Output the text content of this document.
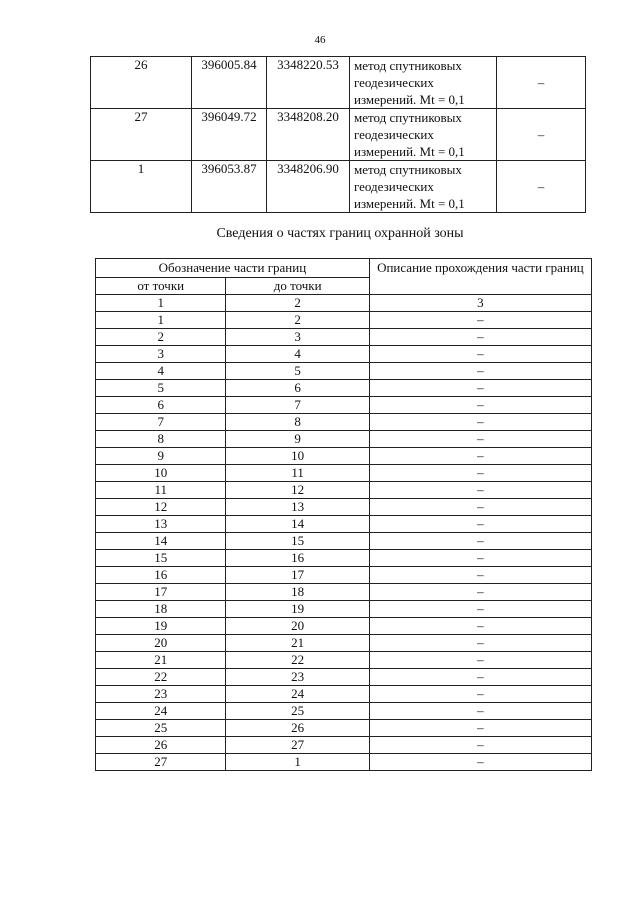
46
26	396005.84	3348220.53	метод спутниковых
геодезических
измерений. Mt = 0,1	–
27	396049.72	3348208.20	метод спутниковых
геодезических
измерений. Mt = 0,1	–
1	396053.87	3348206.90	метод спутниковых
геодезических
измерений. Mt = 0,1	–
Сведения о частях границ охранной зоны
Обозначение части границ		Описание прохождения части границ
от точки	до точки	
1	2	3
1	2	–
2	3	–
3	4	–
4	5	–
5	6	–
6	7	–
7	8	–
8	9	–
9	10	–
10	11	–
11	12	–
12	13	–
13	14	–
14	15	–
15	16	–
16	17	–
17	18	–
18	19	–
19	20	–
20	21	–
21	22	–
22	23	–
23	24	–
24	25	–
25	26	–
26	27	–
27	1	–
